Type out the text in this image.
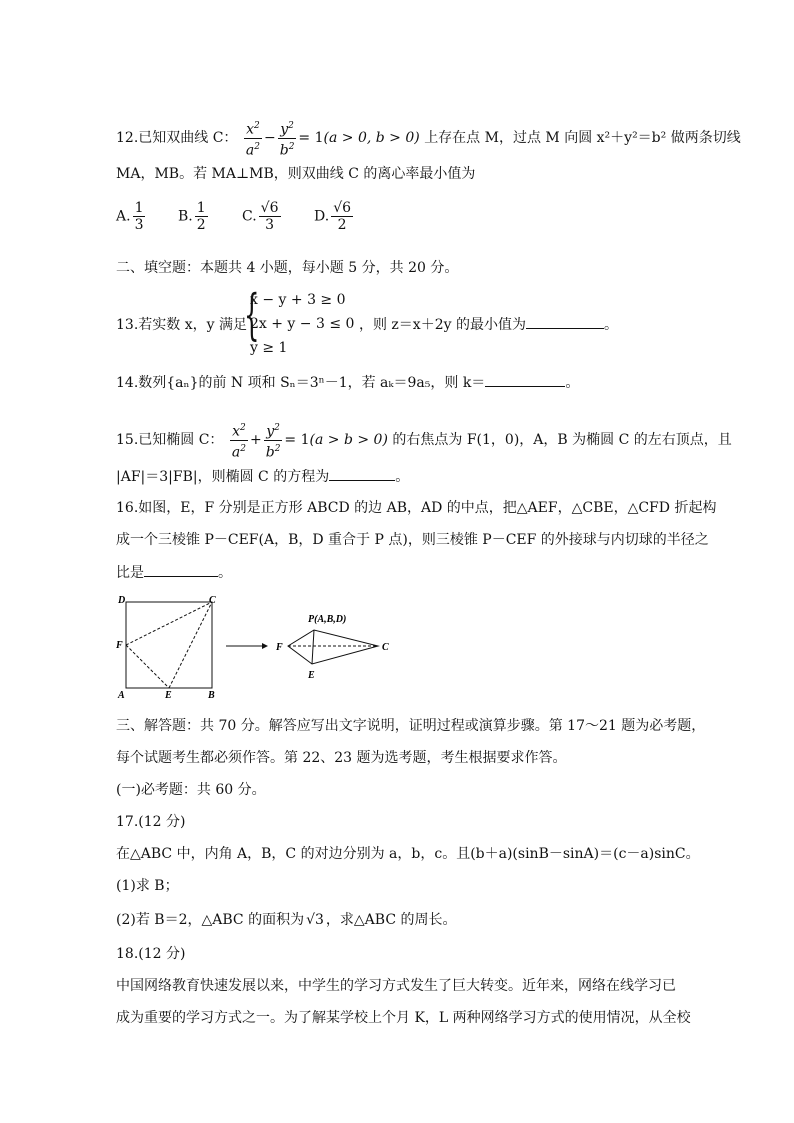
12.已知双曲线 C： $\frac{x^2}{a^2} - \frac{y^2}{b^2} = 1(a > 0$, b > 0) 上存在点 M，过点 M 向圆 x²＋y²＝b² 做两条切线
MA，MB。若 MA⊥MB，则双曲线 C 的离心率最小值为
A. $\frac{1}{3} B$. $\frac{1}{2} C$. $\frac{√6}{3} D$. $\frac{√6}{2}$
二、填空题：本题共 4 小题，每小题 5 分，共 20 分。
13.若实数 x，y 满足	，则 z＝x＋2y 的最小值为	。
{
x − y + 3 ≥ 0
2x + y − 3 ≤ 0
y ≥ 1
14.数列{aₙ}的前 N 项和 Sₙ＝3ⁿ－1，若 aₖ＝9a₅，则 k＝	。
15.已知椭圆 C： $\frac{x^2}{a^2} + \frac{y^2}{b^2} = 1(a > b > 0)$ 的右焦点为 F(1，0)，A，B 为椭圆 C 的左右顶点，且
|AF|＝3|FB|，则椭圆 C 的方程为	。
16.如图，E，F 分别是正方形 ABCD 的边 AB，AD 的中点，把△AEF，△CBE，△CFD 折起构
成一个三棱锥 P－CEF(A，B，D 重合于 P 点)，则三棱锥 P－CEF 的外接球与内切球的半径之
比是	。
D	C
F
A	E	B
P(A,B,D)
F	C
E
三、解答题：共 70 分。解答应写出文字说明，证明过程或演算步骤。第 17～21 题为必考题，
每个试题考生都必须作答。第 22、23 题为选考题，考生根据要求作答。
(一)必考题：共 60 分。
17.(12 分)
在△ABC 中，内角 A，B，C 的对边分别为 a，b，c。且(b＋a)(sinB－sinA)＝(c－a)sinC。
(1)求 B；
(2)若 B＝2，△ABC 的面积为 √3 ，求△ABC 的周长。
18.(12 分)
中国网络教育快速发展以来，中学生的学习方式发生了巨大转变。近年来，网络在线学习已
成为重要的学习方式之一。为了解某学校上个月 K，L 两种网络学习方式的使用情况，从全校
